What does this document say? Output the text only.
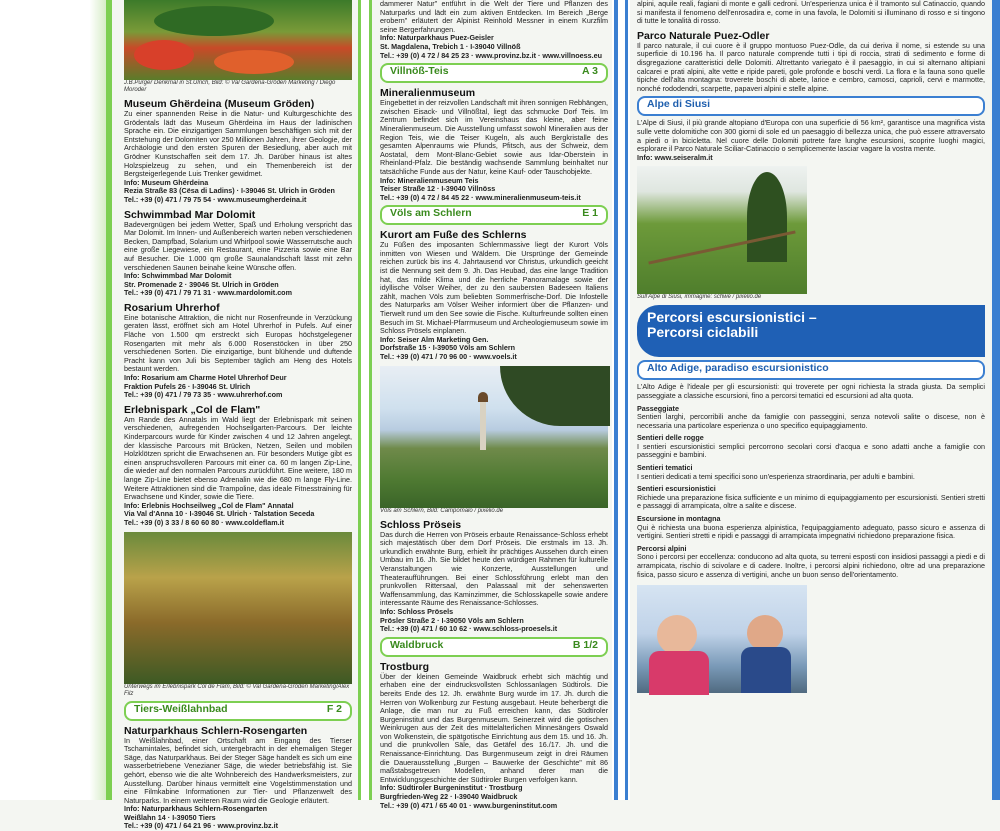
J.B.Purger Denkmal in St.Ulrich, Bild: © Val Gardena-Gröden Marketing / Diego Moroder

Museum Ghërdeina (Museum Gröden)

Zu einer spannenden Reise in die Natur- und Kulturgeschichte des Grödentals lädt das Museum Ghërdeina im Haus der ladinischen Sprache ein. Die einzigartigen Sammlungen beschäftigen sich mit der Entstehung der Dolomiten vor 250 Millionen Jahren, ihrer Geologie, der Archäologie und den ersten Spuren der Besiedlung, aber auch mit Grödner Kunstschaffen seit dem 17. Jh. Darüber hinaus ist altes Holzspielzeug zu sehen, und ein Themenbereich ist der Bergsteigerlegende Luis Trenker gewidmet.

Info: Museum Ghërdeina

Rezia Straße 83 (Cësa di Ladins) · I-39046 St. Ulrich in Gröden

Tel.: +39 (0) 471 / 79 75 54 · www.museumgherdeina.it

Schwimmbad Mar Dolomit

Badevergnügen bei jedem Wetter, Spaß und Erholung verspricht das Mar Dolomit. Im Innen- und Außenbereich warten neben verschiedenen Becken, Dampfbad, Solarium und Whirlpool sowie Wasserrutsche auch eine große Liegewiese, ein Restaurant, eine Pizzeria sowie eine Bar auf Besucher. Die 1.000 qm große Saunalandschaft lässt mit zehn verschiedenen Saunen beinahe keine Wünsche offen.

Info: Schwimmbad Mar Dolomit

Str. Promenade 2 · 39046 St. Ulrich in Gröden

Tel.: +39 (0) 471 / 79 71 31 · www.mardolomit.com

Rosarium Uhrerhof

Eine botanische Attraktion, die nicht nur Rosenfreunde in Verzückung geraten lässt, eröffnet sich am Hotel Uhrerhof in Pufels. Auf einer Fläche von 1.500 qm erstreckt sich Europas höchstgelegener Rosengarten mit mehr als 6.000 Rosenstöcken in über 250 verschiedenen Sorten. Die einzigartige, bunt blühende und duftende Pracht kann von Juli bis September täglich am Heng des Hotels bestaunt werden.

Info: Rosarium am Charme Hotel Uhrerhof Deur

Fraktion Pufels 26 · I-39046 St. Ulrich

Tel.: +39 (0) 471 / 79 73 35 · www.uhrerhof.com

Erlebnispark „Col de Flam"

Am Rande des Annatals im Wald liegt der Erlebnispark mit seinen verschiedenen, aufregenden Hochseilgarten-Parcours. Der leichte Kinderparcours wurde für Kinder zwischen 4 und 12 Jahren angelegt, der klassische Parcours mit Brücken, Netzen, Seilen und mobilen Holzklötzen spricht die Erwachsenen an. Für besonders Mutige gibt es einen anspruchsvolleren Parcours mit einer ca. 60 m langen Zip-Line, die wieder auf den normalen Parcours zurückführt. Eine weitere, 180 m lange Zip-Line bietet ebenso Adrenalin wie die 680 m lange Fly-Line. Weitere Attraktionen sind die Trampoline, das ideale Fitnesstraining für Erwachsene und Kinder, sowie die Tiere.

Info: Erlebnis Hochseilweg „Col de Flam" Annatal

Via Val d'Anna 10 · I-39046 St. Ulrich · Talstation Seceda

Tel.: +39 (0) 3 33 / 8 60 60 80 · www.coldeflam.it

Unterwegs im Erlebnispark Col de Flam, Bild: © Val Gardena-Gröden Marketing/Alex Filz

Tiers-Weißlahnbad	F 2

Naturparkhaus Schlern-Rosengarten

In Weißlahnbad, einer Ortschaft am Eingang des Tierser Tschamintales, befindet sich, untergebracht in der ehemaligen Steger Säge, das Naturparkhaus. Bei der Steger Säge handelt es sich um eine wasserbetriebene Venezianer Säge, die wieder betriebsfähig ist. Sie gehört, ebenso wie die alte Wohnbereich des Handwerksmeisters, zur Ausstellung. Darüber hinaus vermittelt eine Vogelstimmenstation und eine Filmkabine Informationen zur Tier- und Pflanzenwelt des Naturparks. In einem weiteren Raum wird die Geologie erläutert.

Info: Naturparkhaus Schlern-Rosengarten

Weißlahn 14 · I-39050 Tiers

Tel.: +39 (0) 471 / 64 21 96 · www.provinz.bz.it

dammerer Natur" entführt in die Welt der Tiere und Pflanzen des Naturparks und lädt ein zum aktiven Entdecken. Im Bereich „Berge erobern" erläutert der Alpinist Reinhold Messner in einem Kurzfilm seine Bergerfahrungen.

Info: Naturparkhaus Puez-Geisler

St. Magdalena, Trebich 1 · I-39040 Villnöß

Tel.: +39 (0) 4 72 / 84 25 23 · www.provinz.bz.it · www.villnoess.eu

Villnöß-Teis	A 3

Mineralienmuseum

Eingebettet in der reizvollen Landschaft mit ihren sonnigen Rebhängen, zwischen Eisack- und Villnößtal, liegt das schmucke Dorf Teis. Im Zentrum befindet sich im Vereinshaus das kleine, aber feine Mineralienmuseum. Die Ausstellung umfasst sowohl Mineralien aus der Region Teis, wie die Teiser Kugeln, als auch Bergkristalle des gesamten Alpenraums wie Pfunds, Pfitsch, aus der Schweiz, dem Aostatal, dem Mont-Blanc-Gebiet sowie aus Idar-Oberstein in Rheinland-Pfalz. Die beständig wachsende Sammlung beinhaltet nur tatsächliche Funde aus der Natur, keine Kauf- oder Tauschobjekte.

Info: Mineralienmuseum Teis

Teiser Straße 12 · I-39040 Villnöss

Tel.: +39 (0) 4 72 / 84 45 22 · www.mineralienmuseum-teis.it

Völs am Schlern	E 1

Kurort am Fuße des Schlerns

Zu Füßen des imposanten Schlernmassive liegt der Kurort Völs inmitten von Wiesen und Wäldern. Die Ursprünge der Gemeinde reichen zurück bis ins 4. Jahrtausend vor Christus, urkundlich geeicht ist die Nennung seit dem 9. Jh. Das Heubad, das eine lange Tradition hat, das milde Klima und die herrliche Panoramalage sowie der idyllische Völser Weiher, der zu den saubersten Badeseen Italiens zählt, machen Völs zum beliebten Sommerfrische-Dorf. Die Infostelle des Naturparks am Völser Weiher informiert über die Pflanzen- und Tierwelt rund um den See sowie die Fische. Kulturfreunde sollten einen Besuch im St. Michael-Pfarrmuseum und Archeologiemuseum sowie im Schloss Prösels einplanen.

Info: Seiser Alm Marketing Gen.

Dorfstraße 15 · I-39050 Völs am Schlern

Tel.: +39 (0) 471 / 70 96 00 · www.voels.it

Völs am Schlern, Bild: Campomalo / pixelio.de

Schloss Pröseis

Das durch die Herren von Pröseis erbaute Renaissance-Schloss erhebt sich majestätisch über dem Dorf Pröseis. Die erstmals im 13. Jh. urkundlich erwähnte Burg, erhielt ihr prächtiges Aussehen durch einen Umbau im 16. Jh. Sie bildet heute den würdigen Rahmen für kulturelle Veranstaltungen wie Konzerte, Ausstellungen und Theateraufführungen. Bei einer Schlossführung erlebt man den prunkvollen Rittersaal, den Palassaal mit der sehenswerten Waffensammlung, das Kaminzimmer, die Schlosskapelle sowie andere interessante Räume des Renaissance-Schlosses.

Info: Schloss Prösels

Prösler Straße 2 · I-39050 Völs am Schlern

Tel.: +39 (0) 471 / 60 10 62 · www.schloss-proesels.it

Waldbruck	B 1/2

Trostburg

Über der kleinen Gemeinde Waidbruck erhebt sich mächtig und erhaben eine der eindrucksvollsten Schlossanlagen Südtirols. Die bereits Ende des 12. Jh. erwähnte Burg wurde im 17. Jh. durch die Herren von Wolkenburg zur Festung ausgebaut. Heute beherbergt die Anlage, die man nur zu Fuß erreichen kann, das Südtiroler Burgeninstitut und das Burgenmuseum. Seinerzeit wird die gotischen Weinkrugen aus der Zeit des mittelalterlichen Minnesängers Oswald von Wolkenstein, die spätgotische Einrichtung aus dem 15. und 16. Jh. und die prunkvollen Säle, das Getäfel des 16./17. Jh. und die Renaissance-Einrichtung. Das Burgenmuseum zeigt in drei Räumen die Dauerausstellung „Burgen – Bauwerke der Geschichte" mit 86 maßstabsgetreuen Modellen, anhand derer man die Entwicklungsgeschichte der Südtiroler Burgen verfolgen kann.

Info: Südtiroler Burgeninstitut · Trostburg

Burgfrieden-Weg 22 · I-39040 Waidbruck

Tel.: +39 (0) 471 / 65 40 01 · www.burgeninstitut.com

alpini, aquile reali, fagiani di monte e galli cedroni. Un'esperienza unica è il tramonto sul Catinaccio, quando si manifesta il fenomeno dell'enrosadira e, come in una favola, le Dolomiti si illuminano di rosso e si tingono di tutte le tonalità di rosso.

Parco Naturale Puez-Odler

Il parco naturale, il cui cuore è il gruppo montuoso Puez-Odle, da cui deriva il nome, si estende su una superficie di 10.196 ha. Il parco naturale comprende tutti i tipi di roccia, strati di sedimento e forme di disgregazione caratteristici delle Dolomiti. Altrettanto variegato è il paesaggio, in cui si alternano altipiani calcarei e prati alpini, alte vette e ripide pareti, gole profonde e boschi verdi. La flora e la fauna sono quelle tipiche dell'alta montagna: troverete boschi di abete, larice e cembro, camosci, caprioli, cervi e marmotte, nonché rododendri, scarpette, papaveri alpini e stelle alpine.

Alpe di Siusi

L'Alpe di Siusi, il più grande altopiano d'Europa con una superficie di 56 km², garantisce una magnifica vista sulle vette dolomitiche con 300 giorni di sole ed un paesaggio di bellezza unica, che può essere attraversato a piedi o in bicicletta. Nel cuore delle Dolomiti potrete fare lunghe escursioni, scoprire luoghi magici, esplorare il Parco Naturale Sciliar-Catinaccio o semplicemente lasciar vagare la vostra mente.

Info: www.seiseralm.it

Sull'Alpe di Siusi, immagine: schwe / pixelio.de

Percorsi escursionistici –
Percorsi ciclabili
Alto Adige, paradiso escursionistico

L'Alto Adige è l'ideale per gli escursionisti: qui troverete per ogni richiesta la strada giusta. Da semplici passeggiate a classiche escursioni, fino a percorsi tematici ed escursioni ad alta quota.

Passeggiate

Sentieri larghi, percorribili anche da famiglie con passeggini, senza notevoli salite o discese, non è necessaria una particolare esperienza o uno specifico equipaggiamento.

Sentieri delle rogge

I sentieri escursionistici semplici percorrono secolari corsi d'acqua e sono adatti anche a famiglie con passeggini e bambini.

Sentieri tematici

I sentieri dedicati a temi specifici sono un'esperienza straordinaria, per adulti e bambini.

Sentieri escursionistici

Richiede una preparazione fisica sufficiente e un minimo di equipaggiamento per escursionisti. Sentieri stretti e passaggi di arrampicata, oltre a salite e discese.

Escursione in montagna

Qui è richiesta una buona esperienza alpinistica, l'equipaggiamento adeguato, passo sicuro e assenza di vertigini. Sentieri stretti e ripidi e passaggi di arrampicata impegnativi richiedono preparazione fisica.

Percorsi alpini

Sono i percorsi per eccellenza: conducono ad alta quota, su terreni esposti con insidiosi passaggi a piedi e di arrampicata, rischio di scivolare e di cadere. Inoltre, i percorsi alpini richiedono, oltre ad una preparazione fisica, passo sicuro e assenza di vertigini, anche un buon senso dell'orientamento.
